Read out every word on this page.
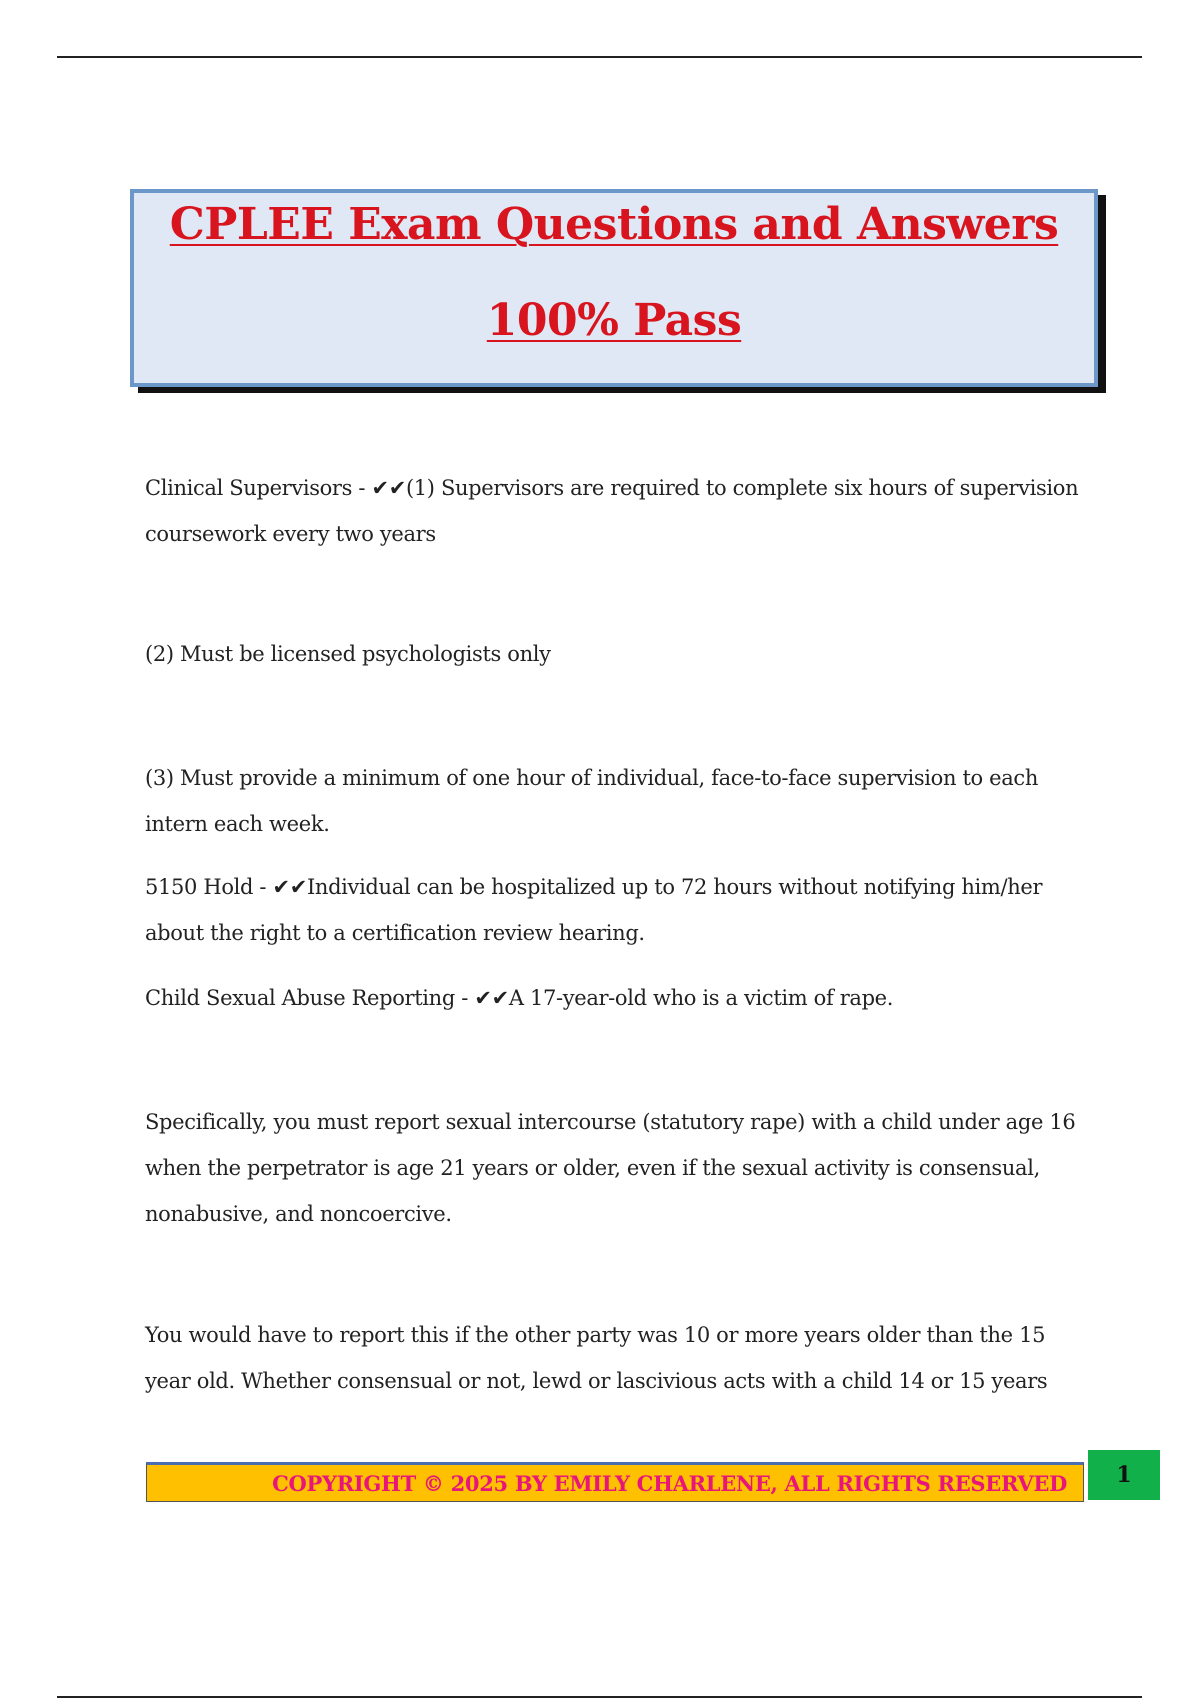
CPLEE Exam Questions and Answers
100% Pass

Clinical Supervisors - ✔✔(1) Supervisors are required to complete six hours of supervision coursework every two years

(2) Must be licensed psychologists only

(3) Must provide a minimum of one hour of individual, face-to-face supervision to each intern each week.

5150 Hold - ✔✔Individual can be hospitalized up to 72 hours without notifying him/her about the right to a certification review hearing.

Child Sexual Abuse Reporting - ✔✔A 17-year-old who is a victim of rape.

Specifically, you must report sexual intercourse (statutory rape) with a child under age 16 when the perpetrator is age 21 years or older, even if the sexual activity is consensual, nonabusive, and noncoercive.

You would have to report this if the other party was 10 or more years older than the 15 year old. Whether consensual or not, lewd or lascivious acts with a child 14 or 15 years

COPYRIGHT © 2025 BY EMILY CHARLENE, ALL RIGHTS RESERVED	1
